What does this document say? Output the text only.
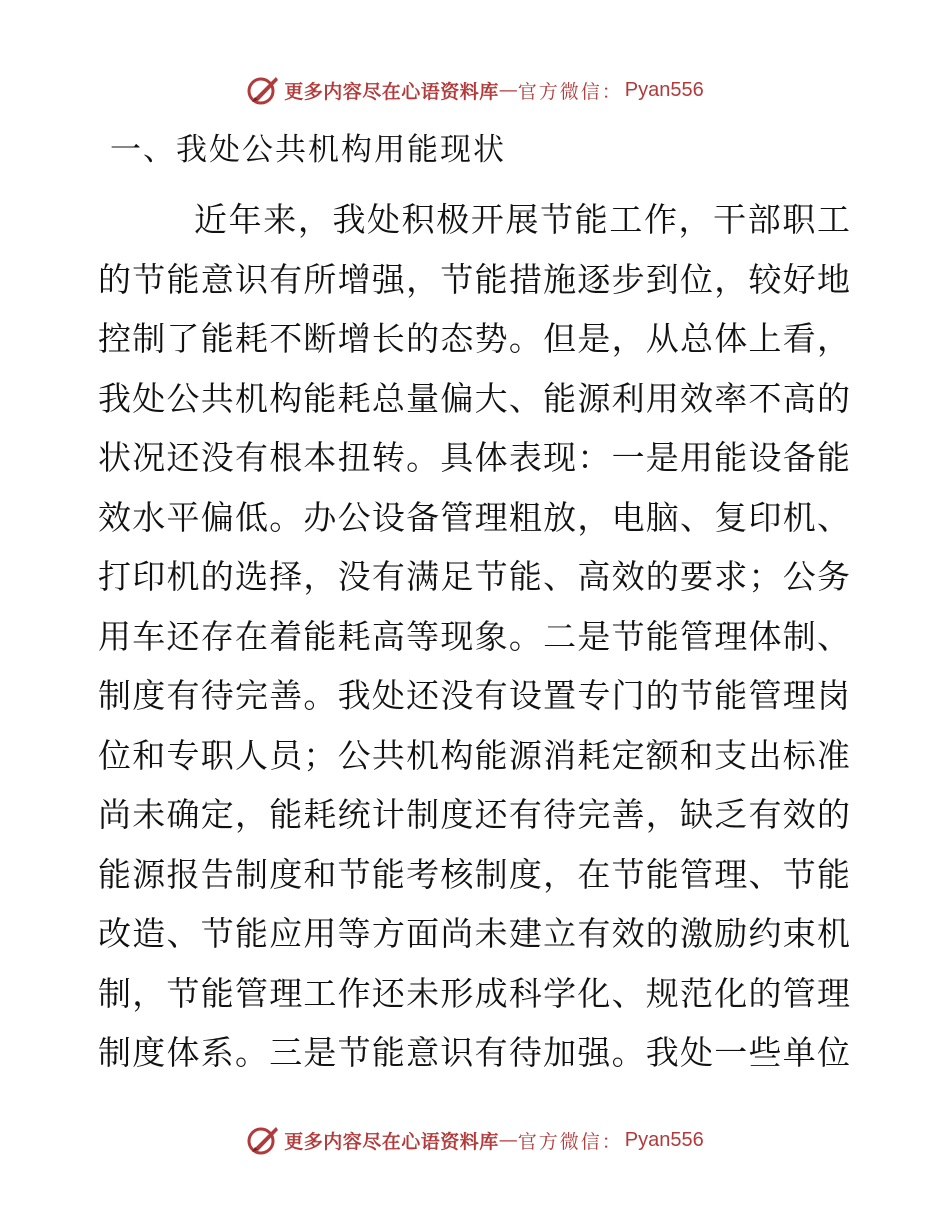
更多内容尽在心语资料库 — 官方微信 ： Pyan556
一、我处公共机构用能现状
近年来，我处积极开展节能工作，干部职工
的节能意识有所增强，节能措施逐步到位，较好地
控制了能耗不断增长的态势。但是，从总体上看，
我处公共机构能耗总量偏大、能源利用效率不高的
状况还没有根本扭转。具体表现：一是用能设备能
效水平偏低。办公设备管理粗放，电脑、复印机、
打印机的选择，没有满足节能、高效的要求；公务
用车还存在着能耗高等现象。二是节能管理体制、
制度有待完善。我处还没有设置专门的节能管理岗
位和专职人员；公共机构能源消耗定额和支出标准
尚未确定，能耗统计制度还有待完善，缺乏有效的
能源报告制度和节能考核制度，在节能管理、节能
改造、节能应用等方面尚未建立有效的激励约束机
制，节能管理工作还未形成科学化、规范化的管理
制度体系。三是节能意识有待加强。我处一些单位
更多内容尽在心语资料库 — 官方微信 ： Pyan556
